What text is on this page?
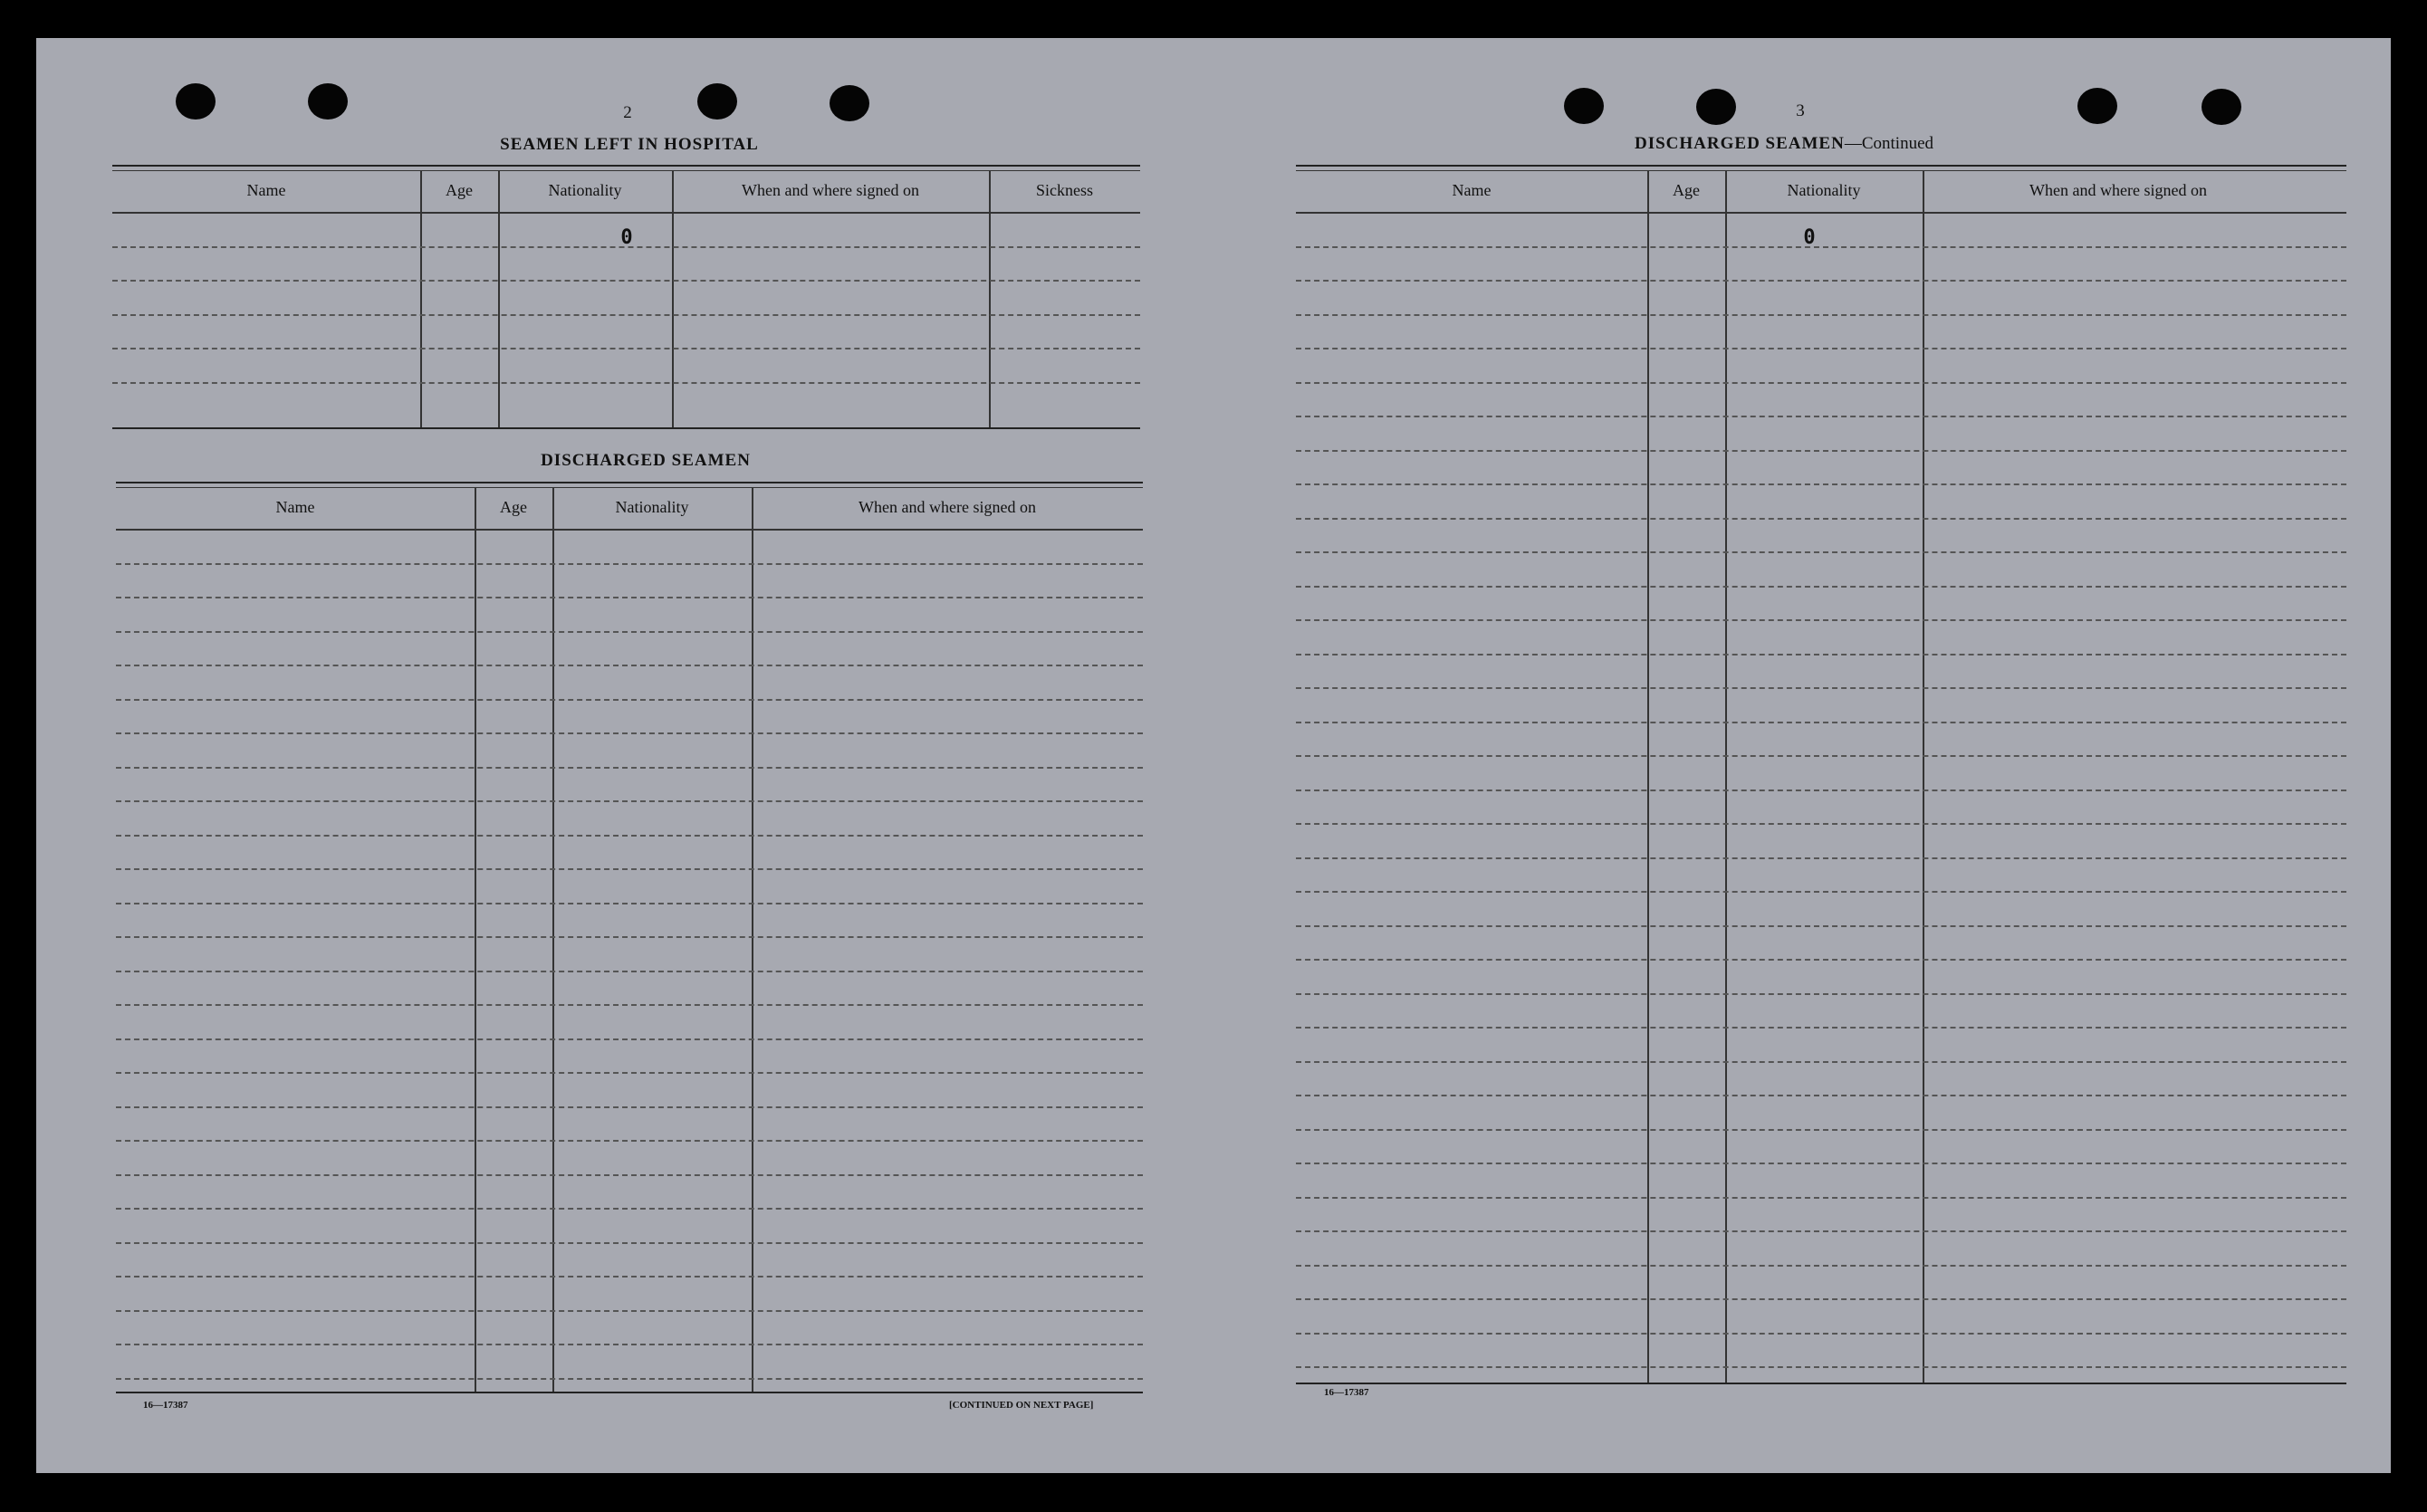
2
SEAMEN LEFT IN HOSPITAL
Name	Age	Nationality	When and where signed on	Sickness
0
DISCHARGED SEAMEN
Name	Age	Nationality	When and where signed on
16—17387	[CONTINUED ON NEXT PAGE]
3
DISCHARGED SEAMEN—Continued
Name	Age	Nationality	When and where signed on
0
16—17387
